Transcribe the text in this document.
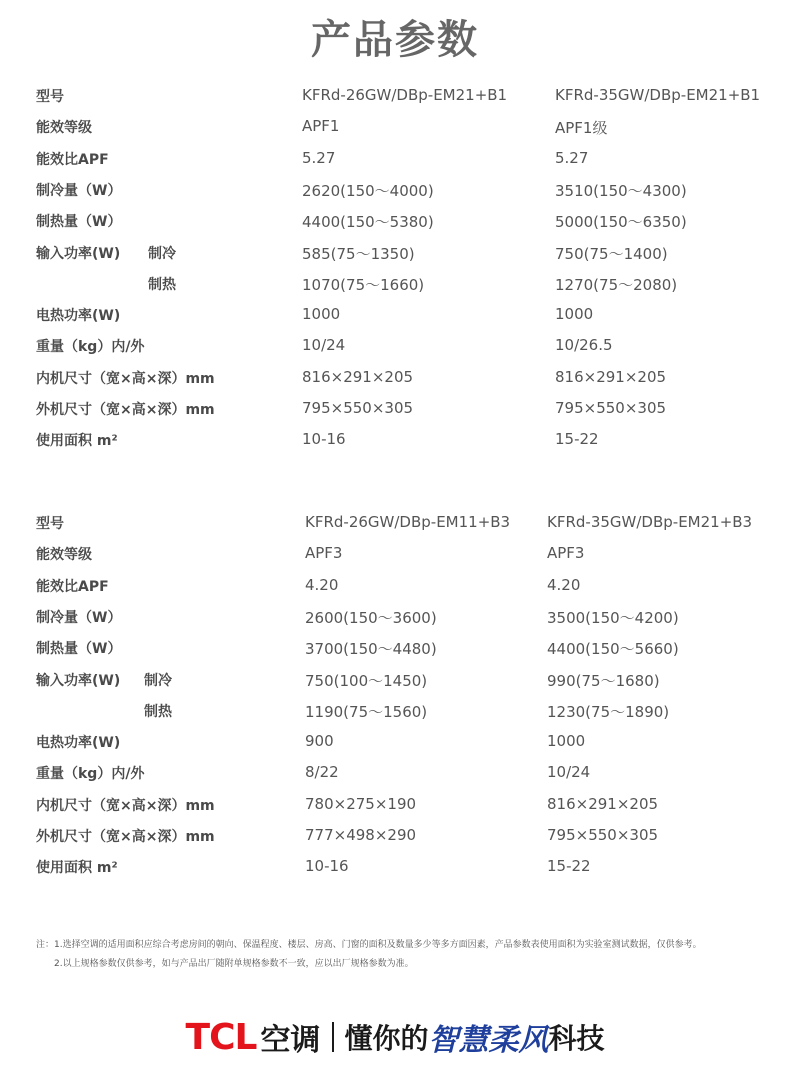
产品参数
型号	KFRd-26GW/DBp-EM21+B1	KFRd-35GW/DBp-EM21+B1
能效等级	APF1	APF1级
能效比APF	5.27	5.27
制冷量（W）	2620(150～4000)	3510(150～4300)
制热量（W）	4400(150～5380)	5000(150～6350)
输入功率(W) 制冷	585(75～1350)	750(75～1400)
制热	1070(75～1660)	1270(75～2080)
电热功率(W)	1000	1000
重量（kg）内/外	10/24	10/26.5
内机尺寸（宽×高×深）mm	816×291×205	816×291×205
外机尺寸（宽×高×深）mm	795×550×305	795×550×305
使用面积 m²	10-16	15-22
型号	KFRd-26GW/DBp-EM11+B3 KFRd-35GW/DBp-EM21+B3
能效等级	APF3	APF3
能效比APF	4.20	4.20
制冷量（W）	2600(150～3600)	3500(150～4200)
制热量（W）	3700(150～4480)	4400(150～5660)
输入功率(W) 制冷	750(100～1450)	990(75～1680)
制热	1190(75～1560)	1230(75～1890)
电热功率(W)	900	1000
重量（kg）内/外	8/22	10/24
内机尺寸（宽×高×深）mm	780×275×190	816×291×205
外机尺寸（宽×高×深）mm	777×498×290	795×550×305
使用面积 m²	10-16	15-22
注：1.选择空调的适用面积应综合考虑房间的朝向、保温程度、楼层、房高、门窗的面积及数量多少等多方面因素，产品参数表使用面积为实验室测试数据，仅供参考。
2.以上规格参数仅供参考，如与产品出厂随附单规格参数不一致，应以出厂规格参数为准。
TCL 空调 懂你的 智慧柔风 科技
